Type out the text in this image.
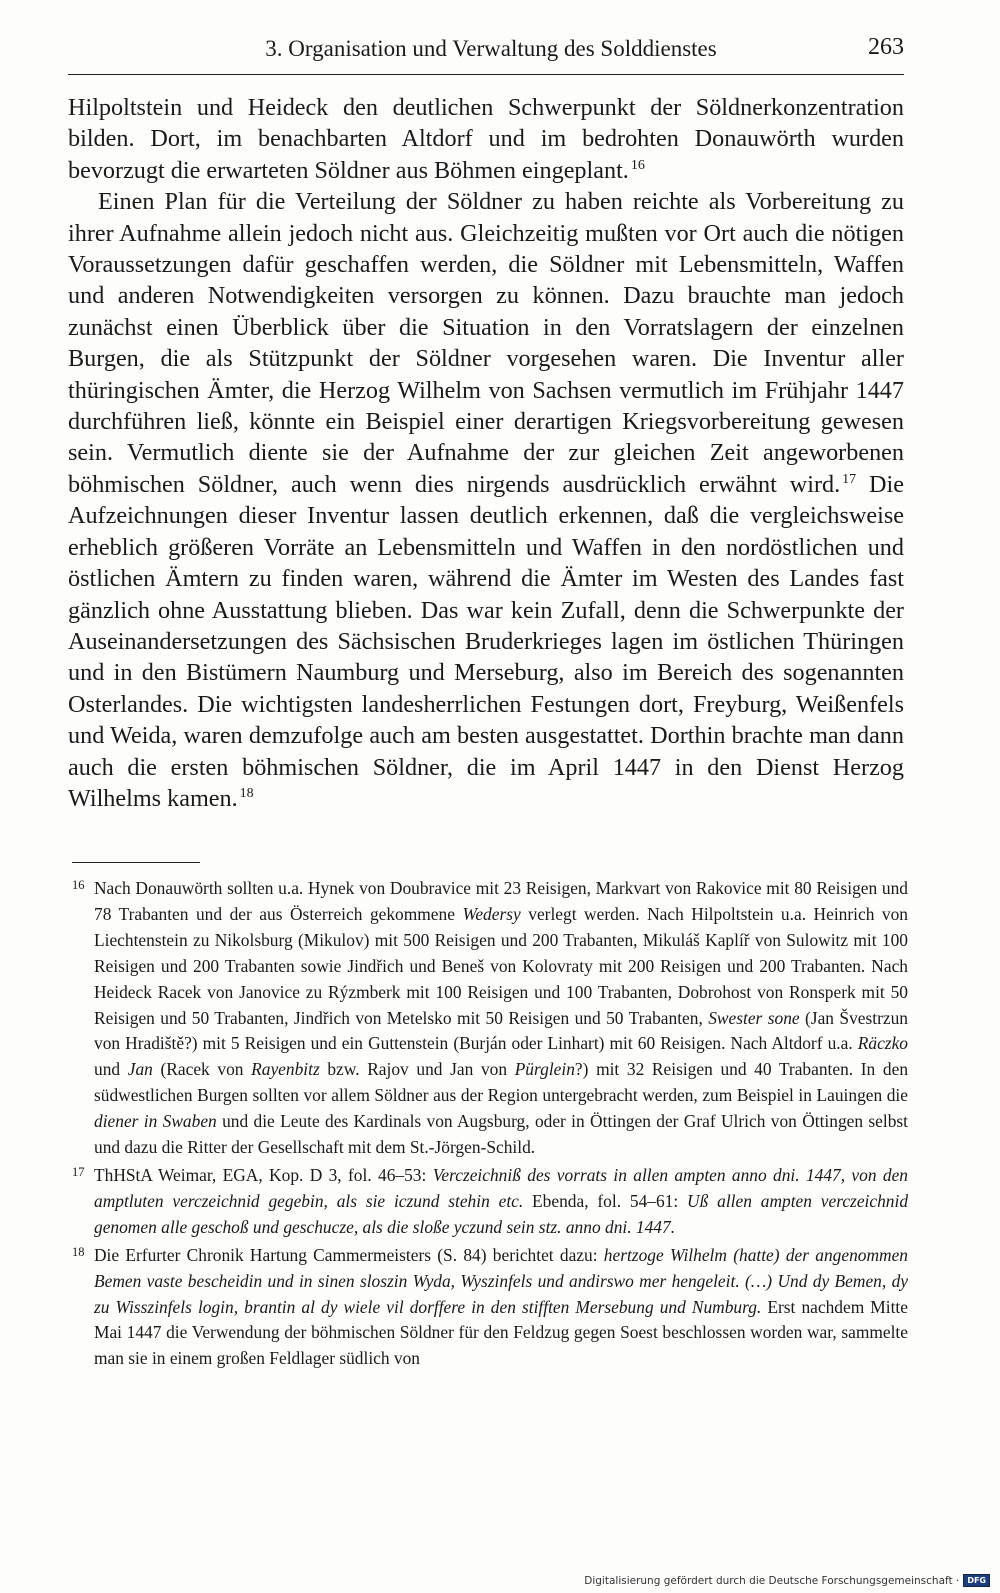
3. Organisation und Verwaltung des Solddienstes	263

Hilpoltstein und Heideck den deutlichen Schwerpunkt der Söldnerkonzentration bilden. Dort, im benachbarten Altdorf und im bedrohten Donauwörth wurden bevorzugt die erwarteten Söldner aus Böhmen eingeplant. $^{16}$

Einen Plan für die Verteilung der Söldner zu haben reichte als Vorbereitung zu ihrer Aufnahme allein jedoch nicht aus. Gleichzeitig mußten vor Ort auch die nötigen Voraussetzungen dafür geschaffen werden, die Söldner mit Lebensmitteln, Waffen und anderen Notwendigkeiten versorgen zu können. Dazu brauchte man jedoch zunächst einen Überblick über die Situation in den Vorratslagern der einzelnen Burgen, die als Stützpunkt der Söldner vorgesehen waren. Die Inventur aller thüringischen Ämter, die Herzog Wilhelm von Sachsen vermutlich im Frühjahr 1447 durchführen ließ, könnte ein Beispiel einer derartigen Kriegsvorbereitung gewesen sein. Vermutlich diente sie der Aufnahme der zur gleichen Zeit angeworbenen böhmischen Söldner, auch wenn dies nirgends ausdrücklich erwähnt wird. $^{17}$ Die Aufzeichnungen dieser Inventur lassen deutlich erkennen, daß die vergleichsweise erheblich größeren Vorräte an Lebensmitteln und Waffen in den nordöstlichen und östlichen Ämtern zu finden waren, während die Ämter im Westen des Landes fast gänzlich ohne Ausstattung blieben. Das war kein Zufall, denn die Schwerpunkte der Auseinandersetzungen des Sächsischen Bruderkrieges lagen im östlichen Thüringen und in den Bistümern Naumburg und Merseburg, also im Bereich des sogenannten Osterlandes. Die wichtigsten landesherrlichen Festungen dort, Freyburg, Weißenfels und Weida, waren demzufolge auch am besten ausgestattet. Dorthin brachte man dann auch die ersten böhmischen Söldner, die im April 1447 in den Dienst Herzog Wilhelms kamen. $^{18}$

16 Nach Donauwörth sollten u.a. Hynek von Doubravice mit 23 Reisigen, Markvart von Rakovice mit 80 Reisigen und 78 Trabanten und der aus Österreich gekommene Wedersy verlegt werden. Nach Hilpoltstein u.a. Heinrich von Liechtenstein zu Nikolsburg (Mikulov) mit 500 Reisigen und 200 Trabanten, Mikuláš Kaplíř von Sulowitz mit 100 Reisigen und 200 Trabanten sowie Jindřich und Beneš von Kolovraty mit 200 Reisigen und 200 Trabanten. Nach Heideck Racek von Janovice zu Rýzmberk mit 100 Reisigen und 100 Trabanten, Dobrohost von Ronsperk mit 50 Reisigen und 50 Trabanten, Jindřich von Metelsko mit 50 Reisigen und 50 Trabanten, Swester sone (Jan Švestrzun von Hradiště?) mit 5 Reisigen und ein Guttenstein (Burján oder Linhart) mit 60 Reisigen. Nach Altdorf u.a. Räczko und Jan (Racek von Rayenbitz bzw. Rajov und Jan von Pürglein?) mit 32 Reisigen und 40 Trabanten. In den südwestlichen Burgen sollten vor allem Söldner aus der Region untergebracht werden, zum Beispiel in Lauingen die diener in Swaben und die Leute des Kardinals von Augsburg, oder in Öttingen der Graf Ulrich von Öttingen selbst und dazu die Ritter der Gesellschaft mit dem St.-Jörgen-Schild.

17 ThHStA Weimar, EGA, Kop. D 3, fol. 46–53: Verczeichniß des vorrats in allen ampten anno dni. 1447, von den amptluten verczeichnid gegebin, als sie iczund stehin etc. Ebenda, fol. 54–61: Uß allen ampten verczeichnid genomen alle geschoß und geschucze, als die sloße yczund sein stz. anno dni. 1447.

18 Die Erfurter Chronik Hartung Cammermeisters (S. 84) berichtet dazu: hertzoge Wilhelm (hatte) der angenommen Bemen vaste bescheidin und in sinen sloszin Wyda, Wyszinfels und andirswo mer hengeleit. (…) Und dy Bemen, dy zu Wisszinfels login, brantin al dy wiele vil dorffere in den stifften Mersebung und Numburg. Erst nachdem Mitte Mai 1447 die Verwendung der böhmischen Söldner für den Feldzug gegen Soest beschlossen worden war, sammelte man sie in einem großen Feldlager südlich von

Digitalisierung gefördert durch die Deutsche Forschungsgemeinschaft ·	DFG
